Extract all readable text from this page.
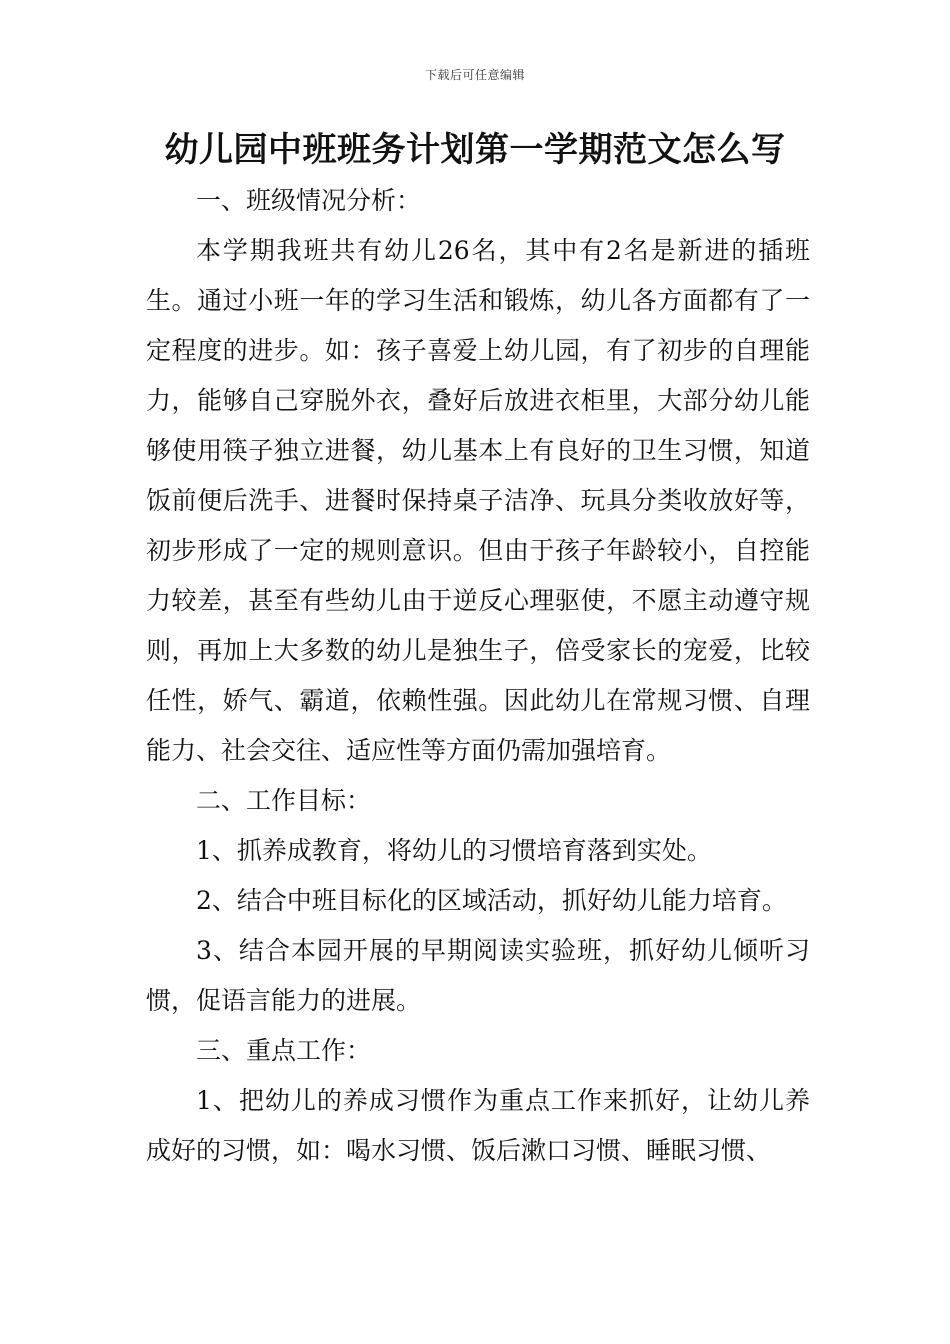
下载后可任意编辑
幼儿园中班班务计划第一学期范文怎么写

一、班级情况分析：

本学期我班共有幼儿26名，其中有2名是新进的插班生。通过小班一年的学习生活和锻炼，幼儿各方面都有了一定程度的进步。如：孩子喜爱上幼儿园，有了初步的自理能力，能够自己穿脱外衣，叠好后放进衣柜里，大部分幼儿能够使用筷子独立进餐，幼儿基本上有良好的卫生习惯，知道饭前便后洗手、进餐时保持桌子洁净、玩具分类收放好等，初步形成了一定的规则意识。但由于孩子年龄较小，自控能力较差，甚至有些幼儿由于逆反心理驱使，不愿主动遵守规则，再加上大多数的幼儿是独生子，倍受家长的宠爱，比较任性，娇气、霸道，依赖性强。因此幼儿在常规习惯、自理能力、社会交往、适应性等方面仍需加强培育。

二、工作目标：

1、抓养成教育，将幼儿的习惯培育落到实处。

2、结合中班目标化的区域活动，抓好幼儿能力培育。

3、结合本园开展的早期阅读实验班，抓好幼儿倾听习惯，促语言能力的进展。

三、重点工作：

1、把幼儿的养成习惯作为重点工作来抓好，让幼儿养成好的习惯，如：喝水习惯、饭后漱口习惯、睡眠习惯、
